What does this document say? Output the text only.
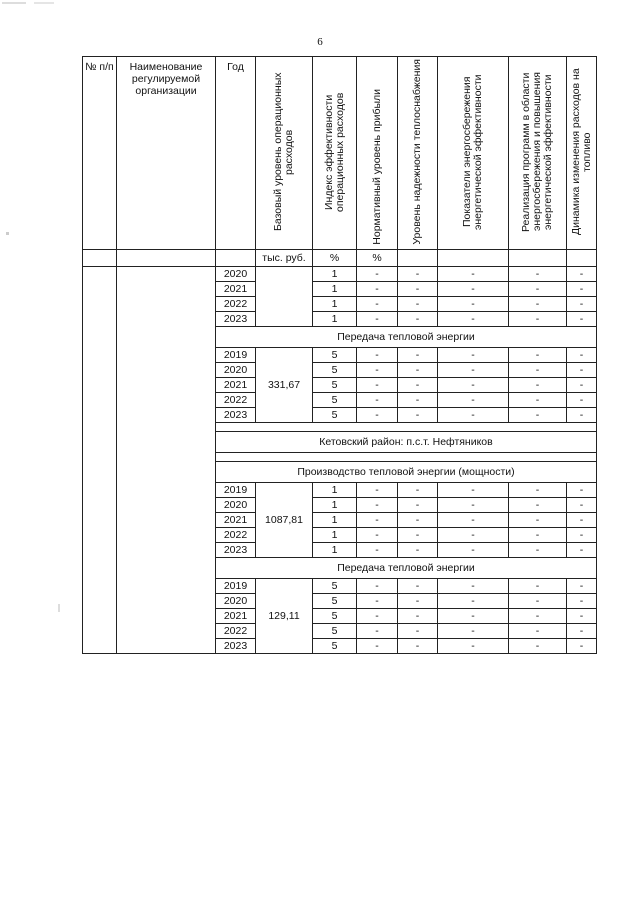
6
№ п/п	Наименование регулируемой организации	Год	Базовый уровень операционных расходов	Индекс эффективности операционных расходов	Нормативный уровень прибыли	Уровень надежности теплоснабжения	Показатели энергосбережения энергетической эффективности	Реализация программ в области энергосбережения и повышения энергетической эффективности	Динамика изменения расходов на топливо

			тыс. руб.	%	%				
		2020		1	-	-	-	-	-
		2021		1	-	-	-	-	-
		2022		1	-	-	-	-	-
		2023		1	-	-	-	-	-
		Передача тепловой энергии							
		2019	331,67	5	-	-	-	-	-
		2020		5	-	-	-	-	-
		2021		5	-	-	-	-	-
		2022		5	-	-	-	-	-
		2023		5	-	-	-	-	-

		Кетовский район: п.с.т. Нефтяников							

		Производство тепловой энергии (мощности)							
		2019	1087,81	1	-	-	-	-	-
		2020		1	-	-	-	-	-
		2021		1	-	-	-	-	-
		2022		1	-	-	-	-	-
		2023		1	-	-	-	-	-
		Передача тепловой энергии							
		2019	129,11	5	-	-	-	-	-
		2020		5	-	-	-	-	-
		2021		5	-	-	-	-	-
		2022		5	-	-	-	-	-
		2023		5	-	-	-	-	-
